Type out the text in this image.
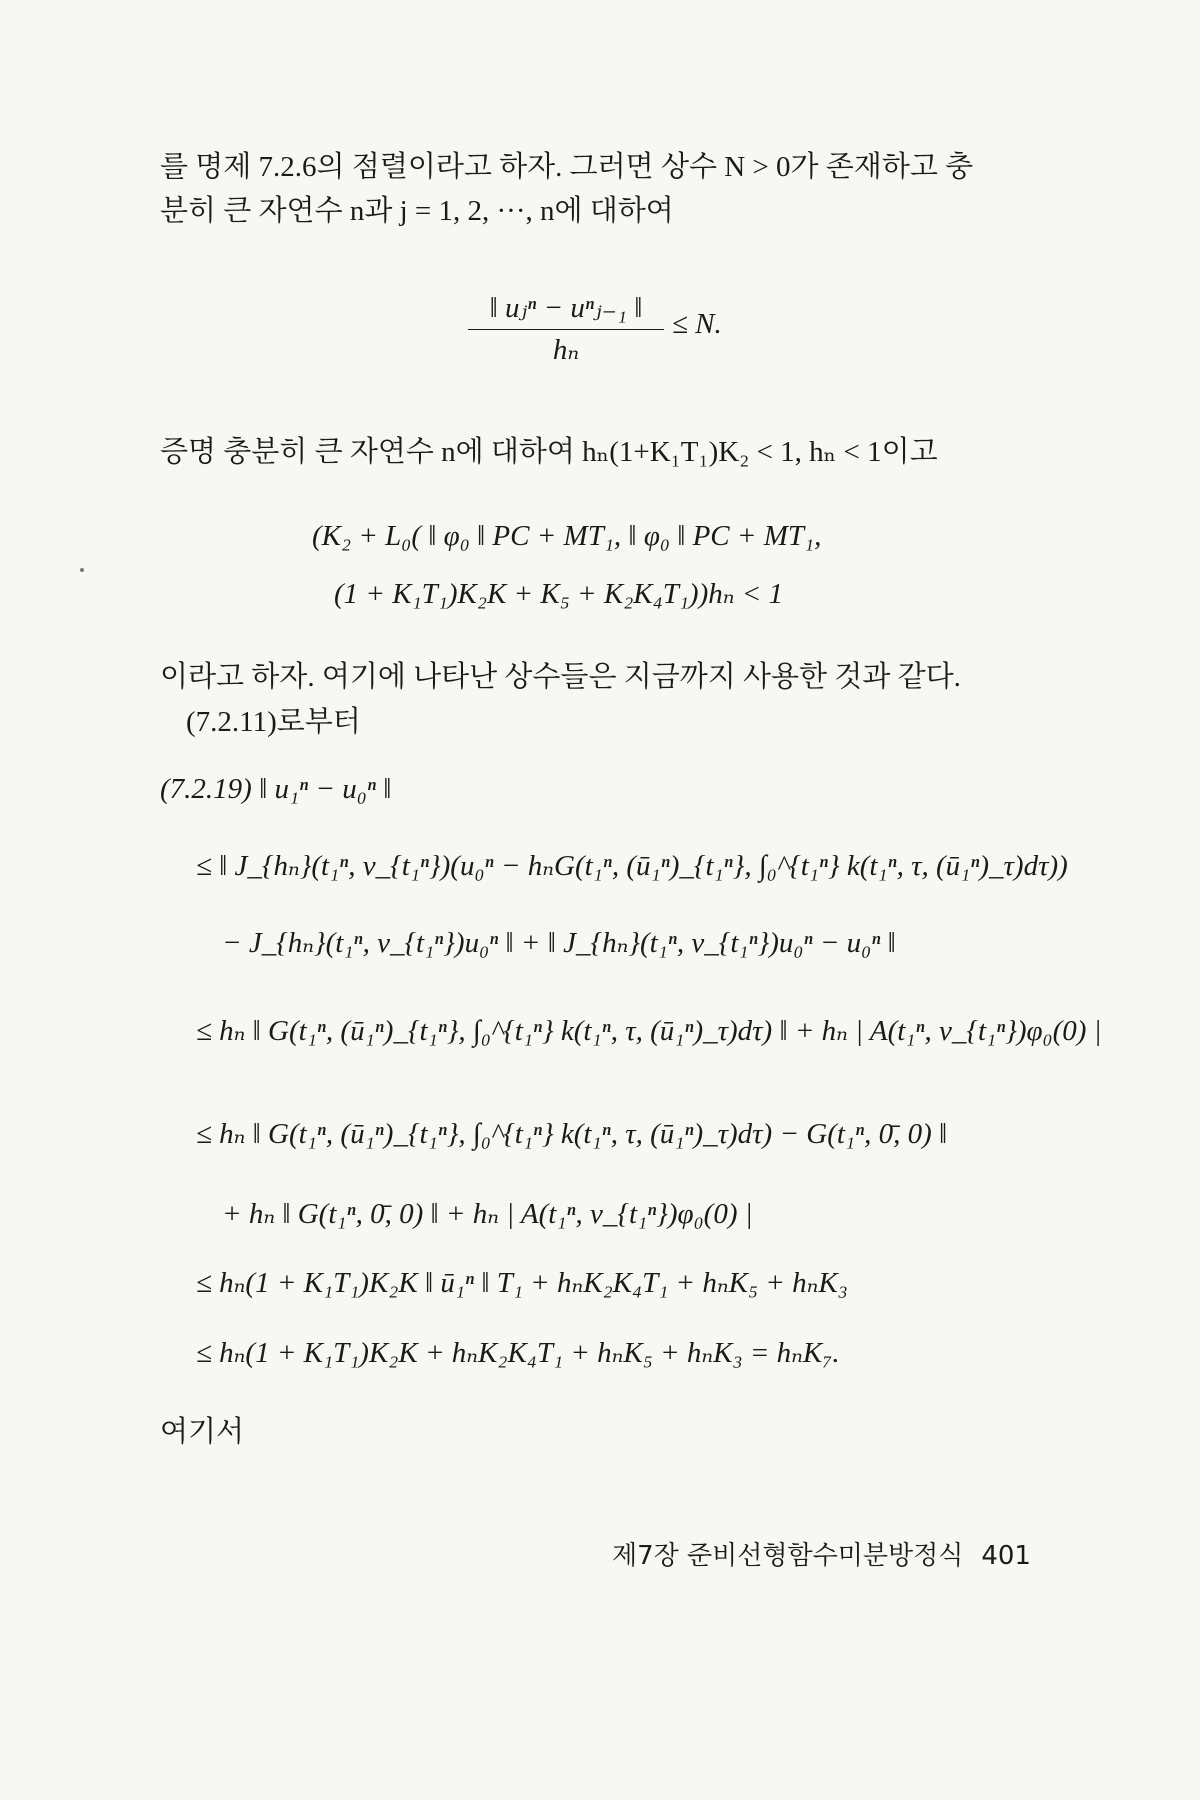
를 명제 7.2.6의 점렬이라고 하자. 그러면 상수 N > 0가 존재하고 충
분히 큰 자연수 n과 j = 1, 2, ···, n에 대하여
‖ uⱼⁿ − uⁿⱼ₋₁ ‖
hₙ
≤ N.
증명 충분히 큰 자연수 n에 대하여 hₙ(1+K₁T₁)K₂ < 1, hₙ < 1이고
(K₂ + L₀( ‖ φ₀ ‖ PC + MT₁, ‖ φ₀ ‖ PC + MT₁,
(1 + K₁T₁)K₂K + K₅ + K₂K₄T₁))hₙ < 1
이라고 하자. 여기에 나타난 상수들은 지금까지 사용한 것과 같다.
(7.2.11)로부터
(7.2.19) ‖ u₁ⁿ − u₀ⁿ ‖
≤ ‖ J_{hₙ}(t₁ⁿ, v_{t₁ⁿ})(u₀ⁿ − hₙG(t₁ⁿ, (ū₁ⁿ)_{t₁ⁿ}, ∫₀^{t₁ⁿ} k(t₁ⁿ, τ, (ū₁ⁿ)_τ)dτ))
− J_{hₙ}(t₁ⁿ, v_{t₁ⁿ})u₀ⁿ ‖ + ‖ J_{hₙ}(t₁ⁿ, v_{t₁ⁿ})u₀ⁿ − u₀ⁿ ‖
≤ hₙ ‖ G(t₁ⁿ, (ū₁ⁿ)_{t₁ⁿ}, ∫₀^{t₁ⁿ} k(t₁ⁿ, τ, (ū₁ⁿ)_τ)dτ) ‖ + hₙ | A(t₁ⁿ, v_{t₁ⁿ})φ₀(0) |
≤ hₙ ‖ G(t₁ⁿ, (ū₁ⁿ)_{t₁ⁿ}, ∫₀^{t₁ⁿ} k(t₁ⁿ, τ, (ū₁ⁿ)_τ)dτ) − G(t₁ⁿ, 0̄, 0) ‖
+ hₙ ‖ G(t₁ⁿ, 0̄, 0) ‖ + hₙ | A(t₁ⁿ, v_{t₁ⁿ})φ₀(0) |
≤ hₙ(1 + K₁T₁)K₂K ‖ ū₁ⁿ ‖ T₁ + hₙK₂K₄T₁ + hₙK₅ + hₙK₃
≤ hₙ(1 + K₁T₁)K₂K + hₙK₂K₄T₁ + hₙK₅ + hₙK₃ = hₙK₇.
여기서
제7장 준비선형함수미분방정식 401
